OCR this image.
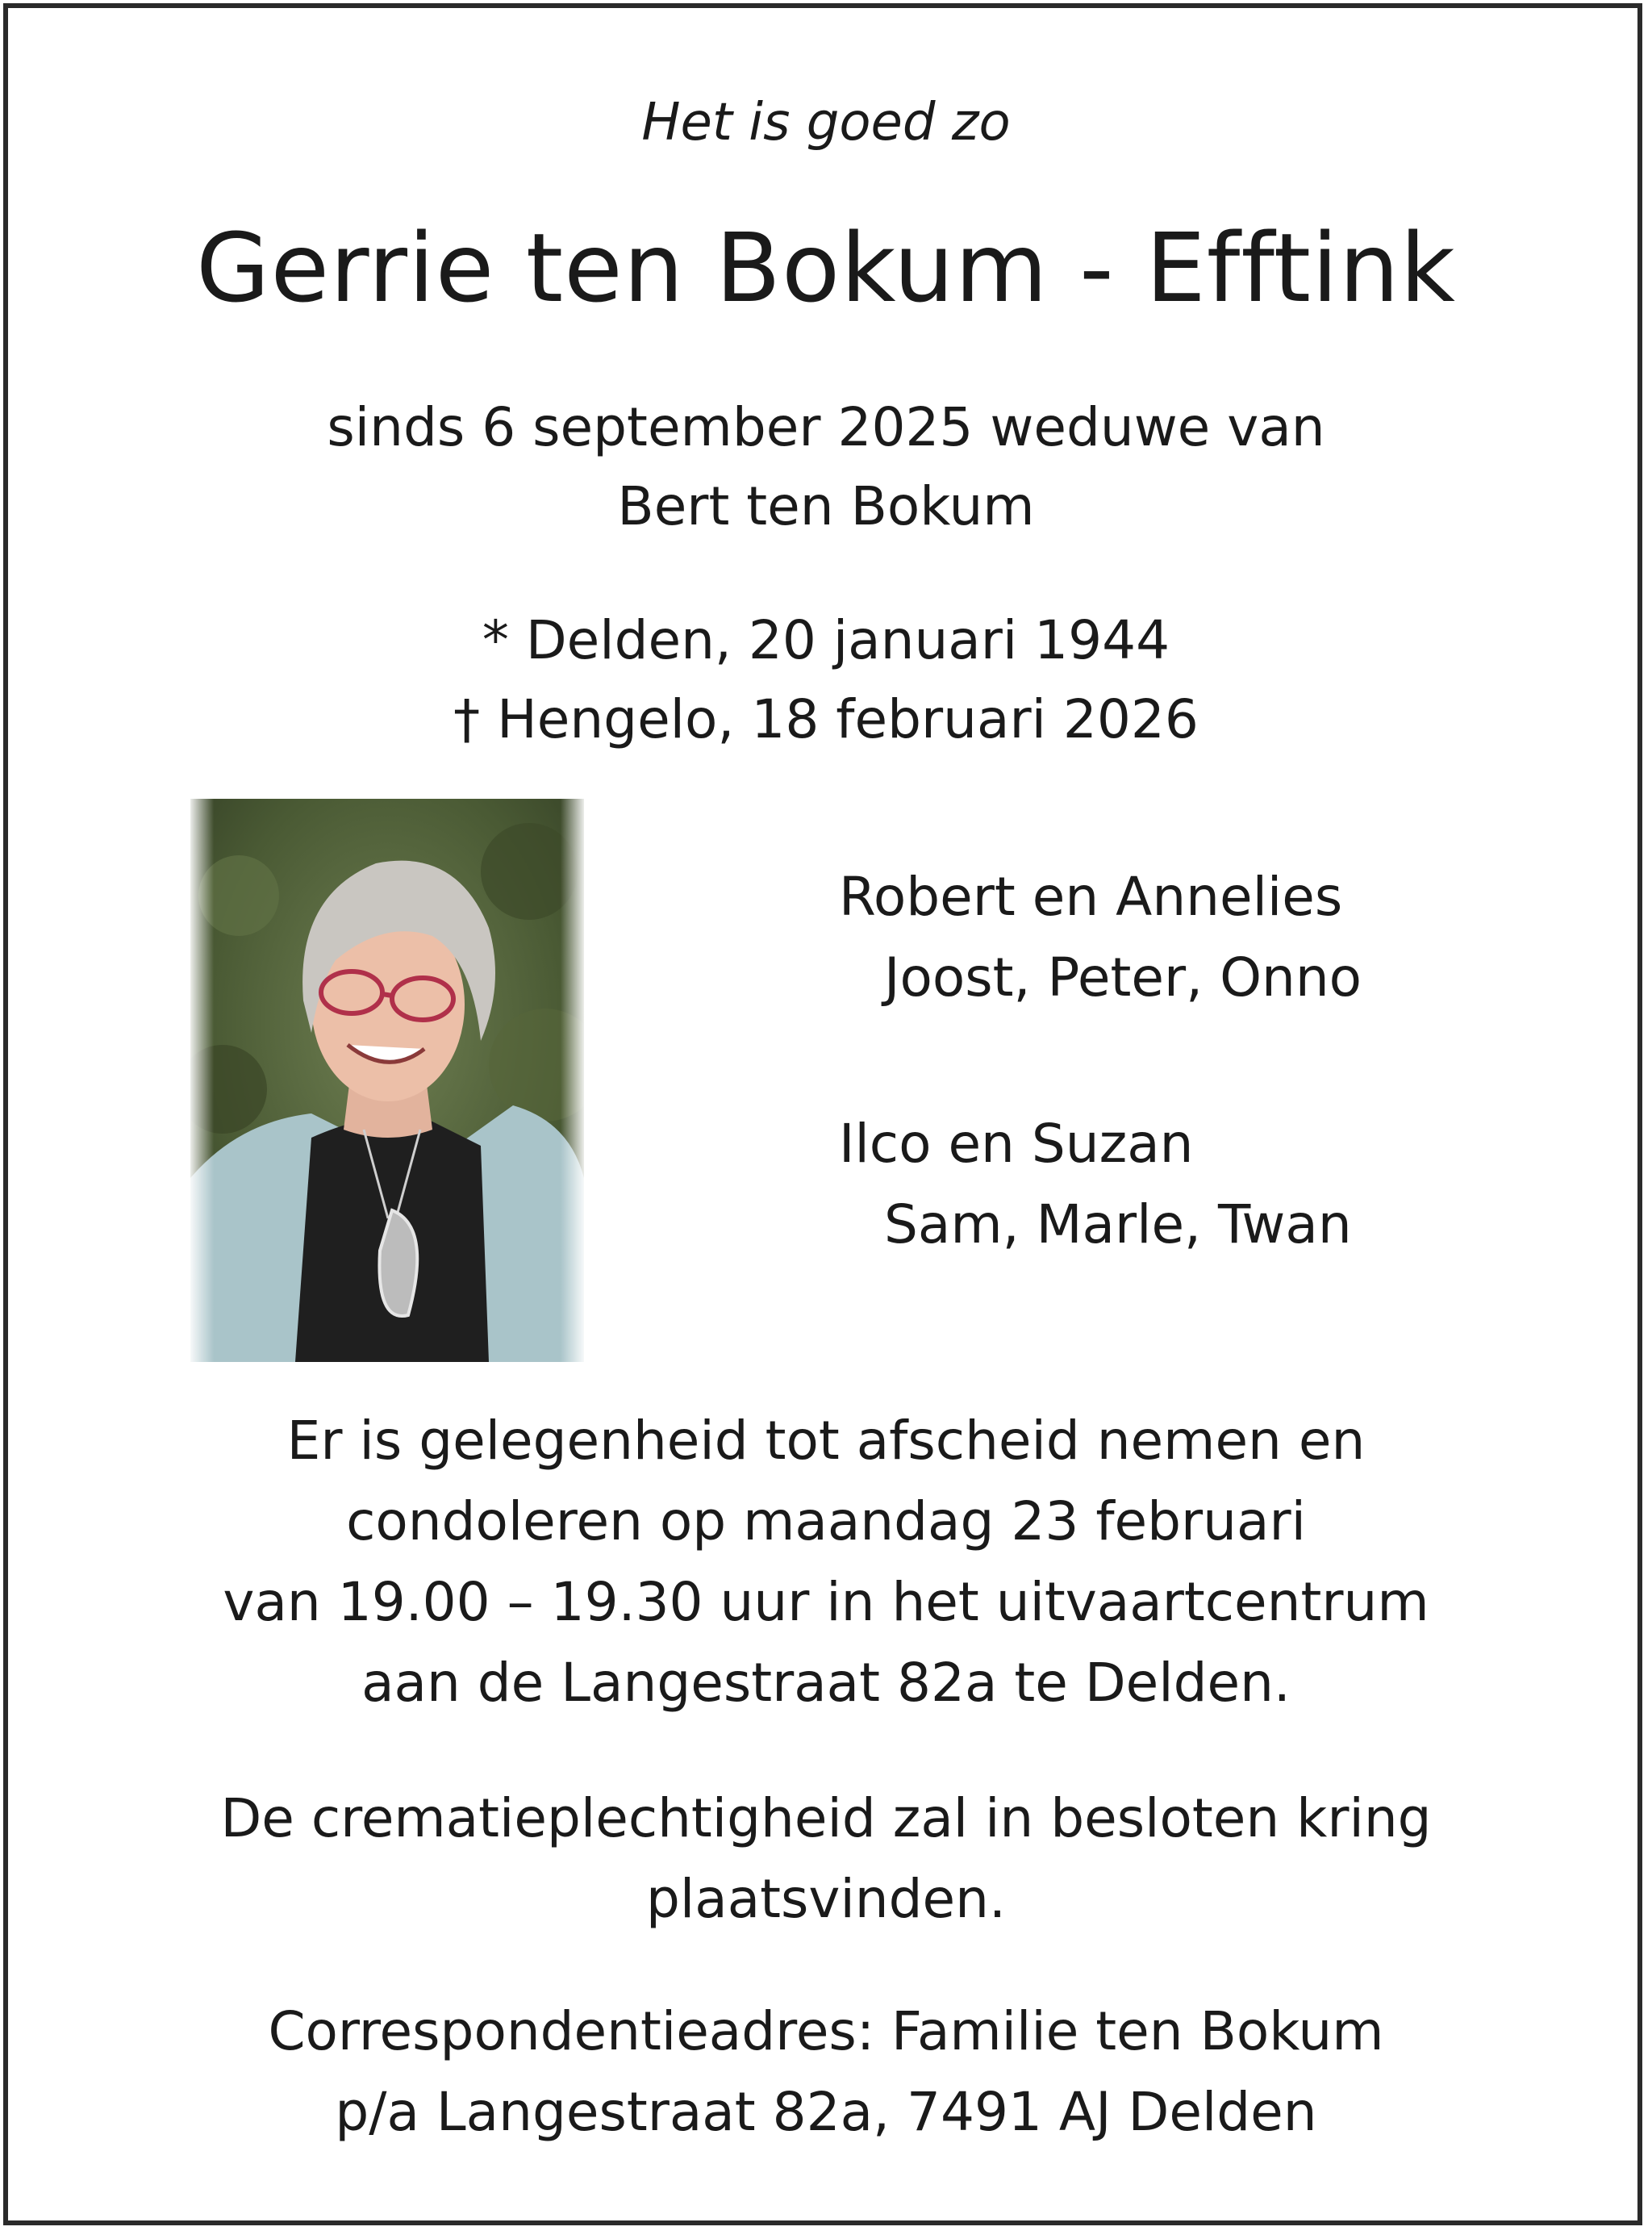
Het is goed zo
Gerrie ten Bokum - Efftink
sinds 6 september 2025 weduwe van
Bert ten Bokum
* Delden, 20 januari 1944
† Hengelo, 18 februari 2026
Robert en Annelies
Joost, Peter, Onno
Ilco en Suzan
Sam, Marle, Twan
Er is gelegenheid tot afscheid nemen en
condoleren op maandag 23 februari
van 19.00 – 19.30 uur in het uitvaartcentrum
aan de Langestraat 82a te Delden.
De crematieplechtigheid zal in besloten kring
plaatsvinden.
Correspondentieadres: Familie ten Bokum
p/a Langestraat 82a, 7491 AJ Delden
